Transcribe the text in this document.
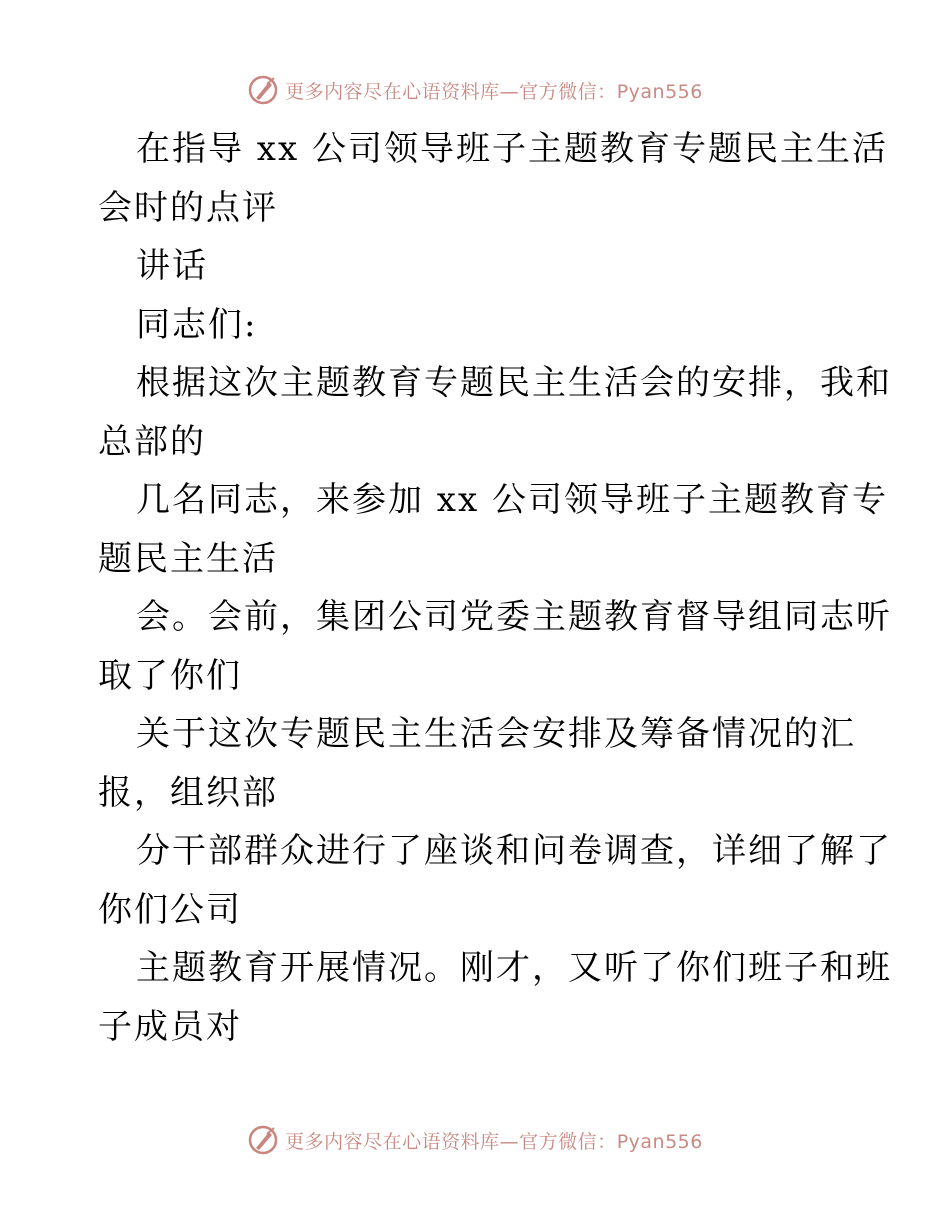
更多内容尽在心语资料库—官方微信：Pyan556
在指导 xx 公司领导班子主题教育专题民主生活
会时的点评
讲话
同志们:
根据这次主题教育专题民主生活会的安排，我和
总部的
几名同志，来参加 xx 公司领导班子主题教育专
题民主生活
会。会前，集团公司党委主题教育督导组同志听
取了你们
关于这次专题民主生活会安排及筹备情况的汇
报，组织部
分干部群众进行了座谈和问卷调查，详细了解了
你们公司
主题教育开展情况。刚才，又听了你们班子和班
子成员对
更多内容尽在心语资料库—官方微信：Pyan556
